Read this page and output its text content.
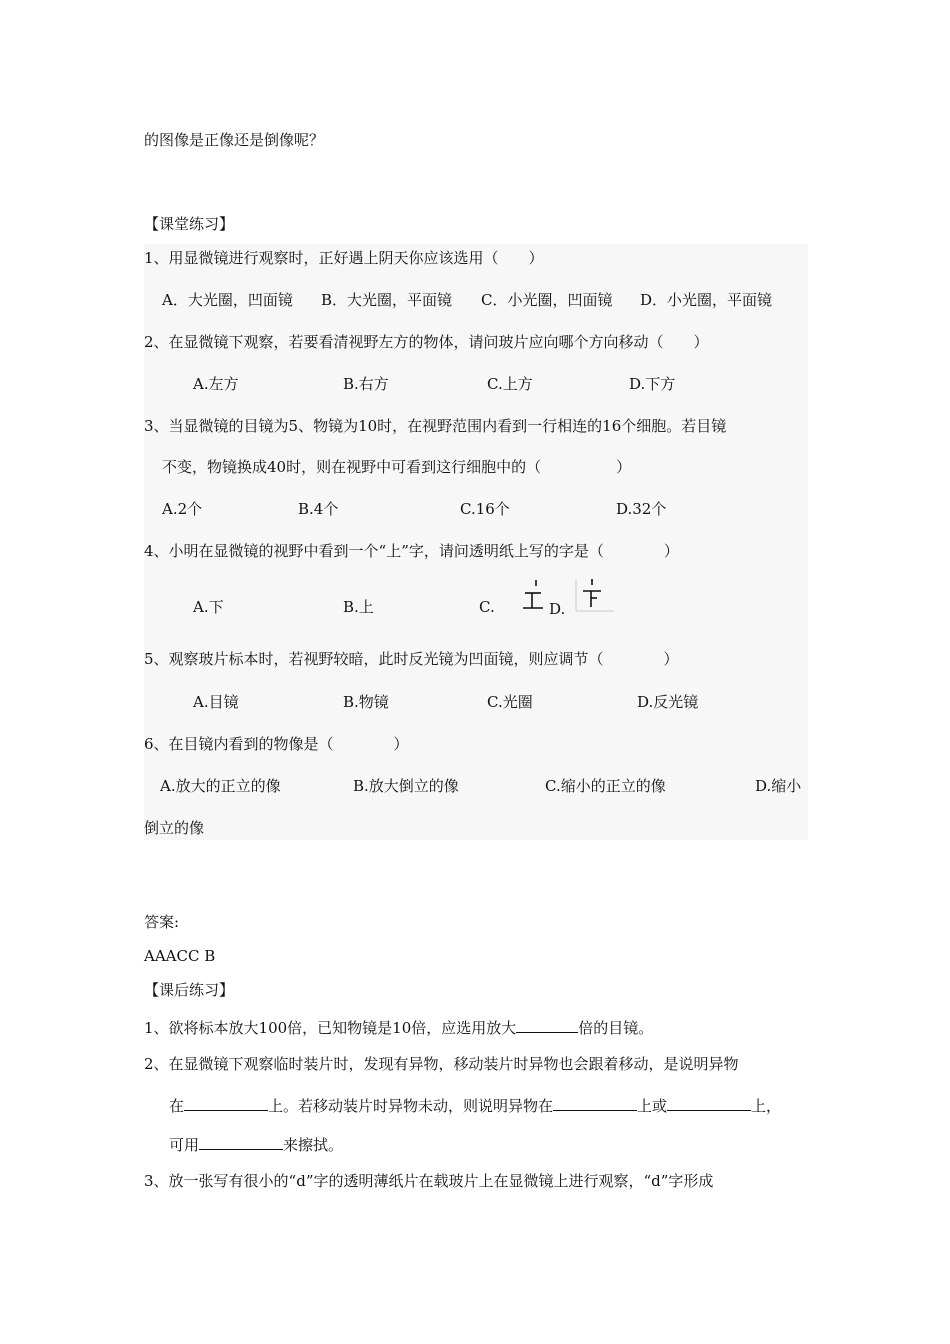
的图像是正像还是倒像呢？
【课堂练习】
1、用显微镜进行观察时，正好遇上阴天你应该选用（　　）
A．大光圈，凹面镜 B．大光圈，平面镜 C．小光圈，凹面镜 D．小光圈，平面镜
2、在显微镜下观察，若要看清视野左方的物体，请问玻片应向哪个方向移动（　　）
A.左方	B.右方	C.上方	D.下方
3、当显微镜的目镜为5、物镜为10时，在视野范围内看到一行相连的16个细胞。若目镜
不变，物镜换成40时，则在视野中可看到这行细胞中的（　　　　　）
A.2个	B.4个	C.16个	D.32个
4、小明在显微镜的视野中看到一个“上”字，请问透明纸上写的字是（　　　　）
A.下	B.上	C.	D.
5、观察玻片标本时，若视野较暗，此时反光镜为凹面镜，则应调节（　　　　）
A.目镜	B.物镜	C.光圈	D.反光镜
6、在目镜内看到的物像是（　　　　）
A.放大的正立的像	B.放大倒立的像	C.缩小的正立的像	D.缩小
倒立的像
答案:
AAACC B
【课后练习】
1、欲将标本放大100倍，已知物镜是10倍，应选用放大	倍的目镜。
2、在显微镜下观察临时装片时，发现有异物，移动装片时异物也会跟着移动，是说明异物
在	上。若移动装片时异物未动，则说明异物在	上或	上，
可用	来擦拭。
3、放一张写有很小的“d”字的透明薄纸片在载玻片上在显微镜上进行观察，“d”字形成
